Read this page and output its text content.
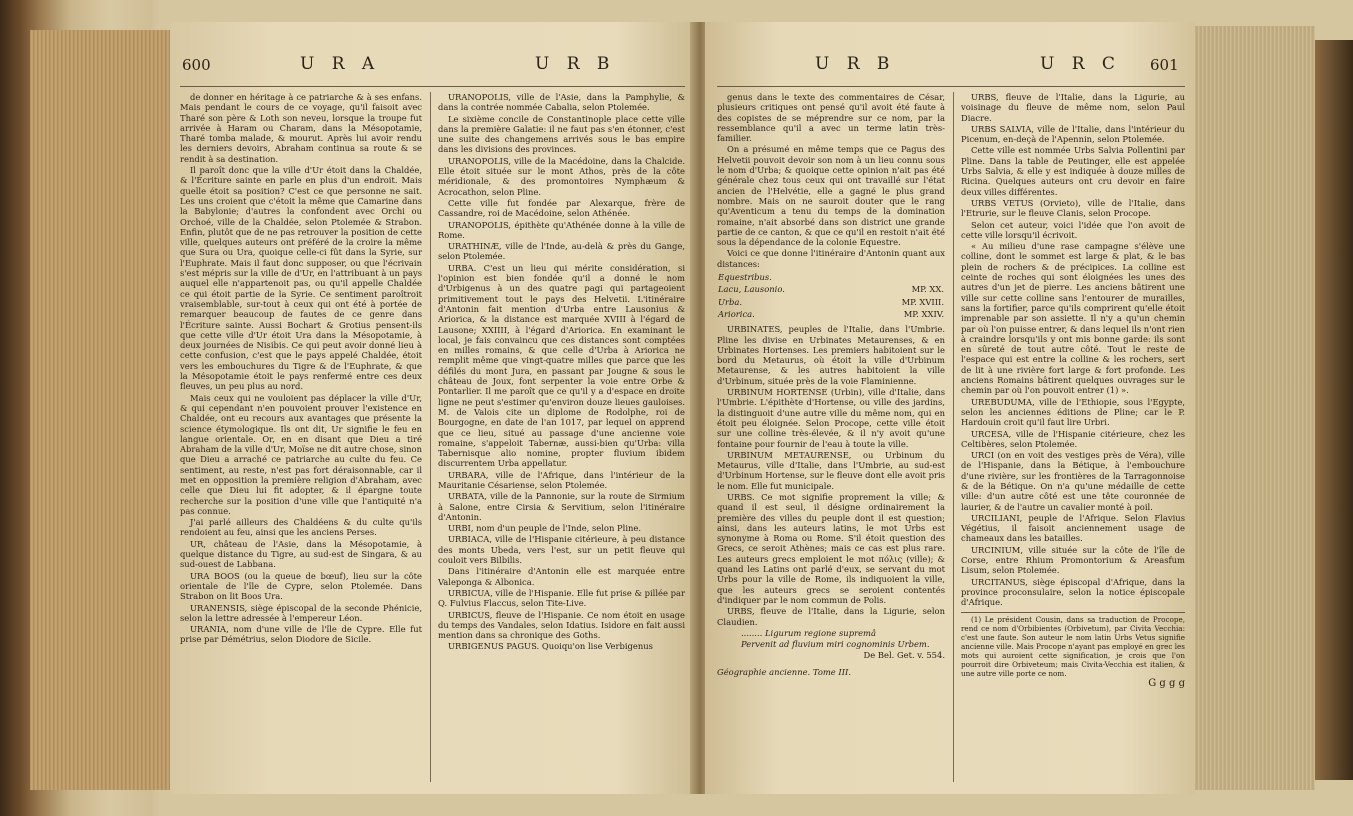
600	U R A	U R B

de donner en héritage à ce patriarche & à ses enfans. Mais pendant le cours de ce voyage, qu'il faisoit avec Tharé son père & Loth son neveu, lorsque la troupe fut arrivée à Haram ou Charam, dans la Mésopotamie, Tharé tomba malade, & mourut. Après lui avoir rendu les derniers devoirs, Abraham continua sa route & se rendit à sa destination.

Il paroît donc que la ville d'Ur étoit dans la Chaldée, & l'Écriture sainte en parle en plus d'un endroit. Mais quelle étoit sa position? C'est ce que personne ne sait. Les uns croient que c'étoit la même que Camarine dans la Babylonie; d'autres la confondent avec Orchi ou Orchoé, ville de la Chaldée, selon Ptolemée & Strabon. Enfin, plutôt que de ne pas retrouver la position de cette ville, quelques auteurs ont préféré de la croire la même que Sura ou Ura, quoique celle-ci fût dans la Syrie, sur l'Euphrate. Mais il faut donc supposer, ou que l'écrivain s'est mépris sur la ville de d'Ur, en l'attribuant à un pays auquel elle n'appartenoit pas, ou qu'il appelle Chaldée ce qui étoit partie de la Syrie. Ce sentiment paroîtroit vraisemblable, sur-tout à ceux qui ont été à portée de remarquer beaucoup de fautes de ce genre dans l'Écriture sainte. Aussi Bochart & Grotius pensent-ils que cette ville d'Ur étoit Ura dans la Mésopotamie, à deux journées de Nisibis. Ce qui peut avoir donné lieu à cette confusion, c'est que le pays appelé Chaldée, étoit vers les embouchures du Tigre & de l'Euphrate, & que la Mésopotamie étoit le pays renfermé entre ces deux fleuves, un peu plus au nord.

Mais ceux qui ne vouloient pas déplacer la ville d'Ur, & qui cependant n'en pouvoient prouver l'existence en Chaldée, ont eu recours aux avantages que présente la science étymologique. Ils ont dit, Ur signifie le feu en langue orientale. Or, en en disant que Dieu a tiré Abraham de la ville d'Ur, Moïse ne dit autre chose, sinon que Dieu a arraché ce patriarche au culte du feu. Ce sentiment, au reste, n'est pas fort déraisonnable, car il met en opposition la première religion d'Abraham, avec celle que Dieu lui fit adopter, & il épargne toute recherche sur la position d'une ville que l'antiquité n'a pas connue.

J'ai parlé ailleurs des Chaldéens & du culte qu'ils rendoient au feu, ainsi que les anciens Perses.

UR, château de l'Asie, dans la Mésopotamie, à quelque distance du Tigre, au sud-est de Singara, & au sud-ouest de Labbana.

URA BOOS (ou la queue de bœuf), lieu sur la côte orientale de l'île de Cypre, selon Ptolemée. Dans Strabon on lit Boos Ura.

URANENSIS, siège épiscopal de la seconde Phénicie, selon la lettre adressée à l'empereur Léon.

URANIA, nom d'une ville de l'île de Cypre. Elle fut prise par Démétrius, selon Diodore de Sicile.

URANOPOLIS, ville de l'Asie, dans la Pamphylie, & dans la contrée nommée Cabalia, selon Ptolemée.

Le sixième concile de Constantinople place cette ville dans la première Galatie: il ne faut pas s'en étonner, c'est une suite des changemens arrivés sous le bas empire dans les divisions des provinces.

URANOPOLIS, ville de la Macédoine, dans la Chalcide. Elle étoit située sur le mont Athos, près de la côte méridionale, & des promontoires Nymphæum & Acrocathon, selon Pline.

Cette ville fut fondée par Alexarque, frère de Cassandre, roi de Macédoine, selon Athénée.

URANOPOLIS, épithète qu'Athénée donne à la ville de Rome.

URATHINÆ, ville de l'Inde, au-delà & près du Gange, selon Ptolemée.

URBA. C'est un lieu qui mérite considération, si l'opinion est bien fondée qu'il a donné le nom d'Urbigenus à un des quatre pagi qui partageoient primitivement tout le pays des Helvetii. L'itinéraire d'Antonin fait mention d'Urba entre Lausonius & Ariorica, & la distance est marquée XVIII à l'égard de Lausone; XXIIII, à l'égard d'Ariorica. En examinant le local, je fais convaincu que ces distances sont comptées en milles romains, & que celle d'Urba à Ariorica ne remplit même que vingt-quatre milles que parce que les défilés du mont Jura, en passant par Jougne & sous le château de Joux, font serpenter la voie entre Orbe & Pontarlier. Il me paroît que ce qu'il y a d'espace en droite ligne ne peut s'estimer qu'environ douze lieues gauloises. M. de Valois cite un diplome de Rodolphe, roi de Bourgogne, en date de l'an 1017, par lequel on apprend que ce lieu, situé au passage d'une ancienne voie romaine, s'appeloit Tabernæ, aussi-bien qu'Urba: villa Tabernisque alio nomine, propter fluvium ibidem discurrentem Urba appellatur.

URBARA, ville de l'Afrique, dans l'intérieur de la Mauritanie Césariense, selon Ptolemée.

URBATA, ville de la Pannonie, sur la route de Sirmium à Salone, entre Cirsia & Servitium, selon l'itinéraire d'Antonin.

URBI, nom d'un peuple de l'Inde, selon Pline.

URBIACA, ville de l'Hispanie citérieure, à peu distance des monts Ubeda, vers l'est, sur un petit fleuve qui couloit vers Bilbilis.

Dans l'itinéraire d'Antonin elle est marquée entre Valeponga & Albonica.

URBICUA, ville de l'Hispanie. Elle fut prise & pillée par Q. Fulvius Flaccus, selon Tite-Live.

URBICUS, fleuve de l'Hispanie. Ce nom étoit en usage du temps des Vandales, selon Idatius. Isidore en fait aussi mention dans sa chronique des Goths.

URBIGENUS PAGUS. Quoiqu'on lise Verbigenus

U R B	U R C 601

genus dans le texte des commentaires de César, plusieurs critiques ont pensé qu'il avoit été faute à des copistes de se méprendre sur ce nom, par la ressemblance qu'il a avec un terme latin très-familier.

On a présumé en même temps que ce Pagus des Helvetii pouvoit devoir son nom à un lieu connu sous le nom d'Urba; & quoique cette opinion n'ait pas été générale chez tous ceux qui ont travaillé sur l'état ancien de l'Helvétie, elle a gagné le plus grand nombre. Mais on ne sauroit douter que le rang qu'Aventicum a tenu du temps de la domination romaine, n'ait absorbé dans son district une grande partie de ce canton, & que ce qu'il en restoit n'ait été sous la dépendance de la colonie Equestre.

Voici ce que donne l'itinéraire d'Antonin quant aux distances:

Equestribus.	
Lacu, Lausonio.	MP. XX.
Urba.	MP. XVIII.
Ariorica.	MP. XXIV.

URBINATES, peuples de l'Italie, dans l'Umbrie. Pline les divise en Urbinates Metaurenses, & en Urbinates Hortenses. Les premiers habitoient sur le bord du Metaurus, où étoit la ville d'Urbinum Metaurense, & les autres habitoient la ville d'Urbinum, située près de la voie Flaminienne.

URBINUM HORTENSE (Urbin), ville d'Italie, dans l'Umbrie. L'épithète d'Hortense, ou ville des jardins, la distinguoit d'une autre ville du même nom, qui en étoit peu éloignée. Selon Procope, cette ville étoit sur une colline très-élevée, & il n'y avoit qu'une fontaine pour fournir de l'eau à toute la ville.

URBINUM METAURENSE, ou Urbinum du Metaurus, ville d'Italie, dans l'Umbrie, au sud-est d'Urbinum Hortense, sur le fleuve dont elle avoit pris le nom. Elle fut municipale.

URBS. Ce mot signifie proprement la ville; & quand il est seul, il désigne ordinairement la première des villes du peuple dont il est question; ainsi, dans les auteurs latins, le mot Urbs est synonyme à Roma ou Rome. S'il étoit question des Grecs, ce seroit Athènes; mais ce cas est plus rare. Les auteurs grecs emploient le mot πόλις (ville); & quand les Latins ont parlé d'eux, se servant du mot Urbs pour la ville de Rome, ils indiquoient la ville, que les auteurs grecs se seroient contentés d'indiquer par le nom commun de Polis.

URBS, fleuve de l'Italie, dans la Ligurie, selon Claudien.

........ Ligurum regione supremâ

Pervenit ad fluvium miri cognominis Urbem.

De Bel. Get. v. 554.

Géographie ancienne. Tome III.

URBS, fleuve de l'Italie, dans la Ligurie, au voisinage du fleuve de même nom, selon Paul Diacre.

URBS SALVIA, ville de l'Italie, dans l'intérieur du Picenum, en-deçà de l'Apennin, selon Ptolemée.

Cette ville est nommée Urbs Salvia Pollentini par Pline. Dans la table de Peutinger, elle est appelée Urbs Salvia, & elle y est indiquée à douze milles de Ricina. Quelques auteurs ont cru devoir en faire deux villes différentes.

URBS VETUS (Orvieto), ville de l'Italie, dans l'Etrurie, sur le fleuve Clanis, selon Procope.

Selon cet auteur, voici l'idée que l'on avoit de cette ville lorsqu'il écrivoit.

« Au milieu d'une rase campagne s'élève une colline, dont le sommet est large & plat, & le bas plein de rochers & de précipices. La colline est ceinte de roches qui sont éloignées les unes des autres d'un jet de pierre. Les anciens bâtirent une ville sur cette colline sans l'entourer de murailles, sans la fortifier, parce qu'ils comprirent qu'elle étoit imprenable par son assiette. Il n'y a qu'un chemin par où l'on puisse entrer, & dans lequel ils n'ont rien à craindre lorsqu'ils y ont mis bonne garde: ils sont en sûreté de tout autre côté. Tout le reste de l'espace qui est entre la colline & les rochers, sert de lit à une rivière fort large & fort profonde. Les anciens Romains bâtirent quelques ouvrages sur le chemin par où l'on pouvoit entrer (1) ».

UREBUDUMA, ville de l'Ethiopie, sous l'Egypte, selon les anciennes éditions de Pline; car le P. Hardouin croit qu'il faut lire Urbri.

URCESA, ville de l'Hispanie citérieure, chez les Celtibères, selon Ptolemée.

URCI (on en voit des vestiges près de Véra), ville de l'Hispanie, dans la Bétique, à l'embouchure d'une rivière, sur les frontières de la Tarragonnoise & de la Bétique. On n'a qu'une médaille de cette ville: d'un autre côté est une tête couronnée de laurier, & de l'autre un cavalier monté à poil.

URCILIANI, peuple de l'Afrique. Selon Flavius Végétius, il faisoit anciennement usage de chameaux dans les batailles.

URCINIUM, ville située sur la côte de l'île de Corse, entre Rhium Promontorium & Areasfum Lisum, selon Ptolemée.

URCITANUS, siège épiscopal d'Afrique, dans la province proconsulaire, selon la notice épiscopale d'Afrique.

(1) Le président Cousin, dans sa traduction de Procope, rend ce nom d'Orbibientes (Orbivetum), par Civita Vecchia: c'est une faute. Son auteur le nom latin Urbs Vetus signifie ancienne ville. Mais Procope n'ayant pas employé en grec les mots qui auroient cette signification, je crois que l'on pourroit dire Orbiveteum; mais Civita-Vecchia est italien, & une autre ville porte ce nom.

G g g g
